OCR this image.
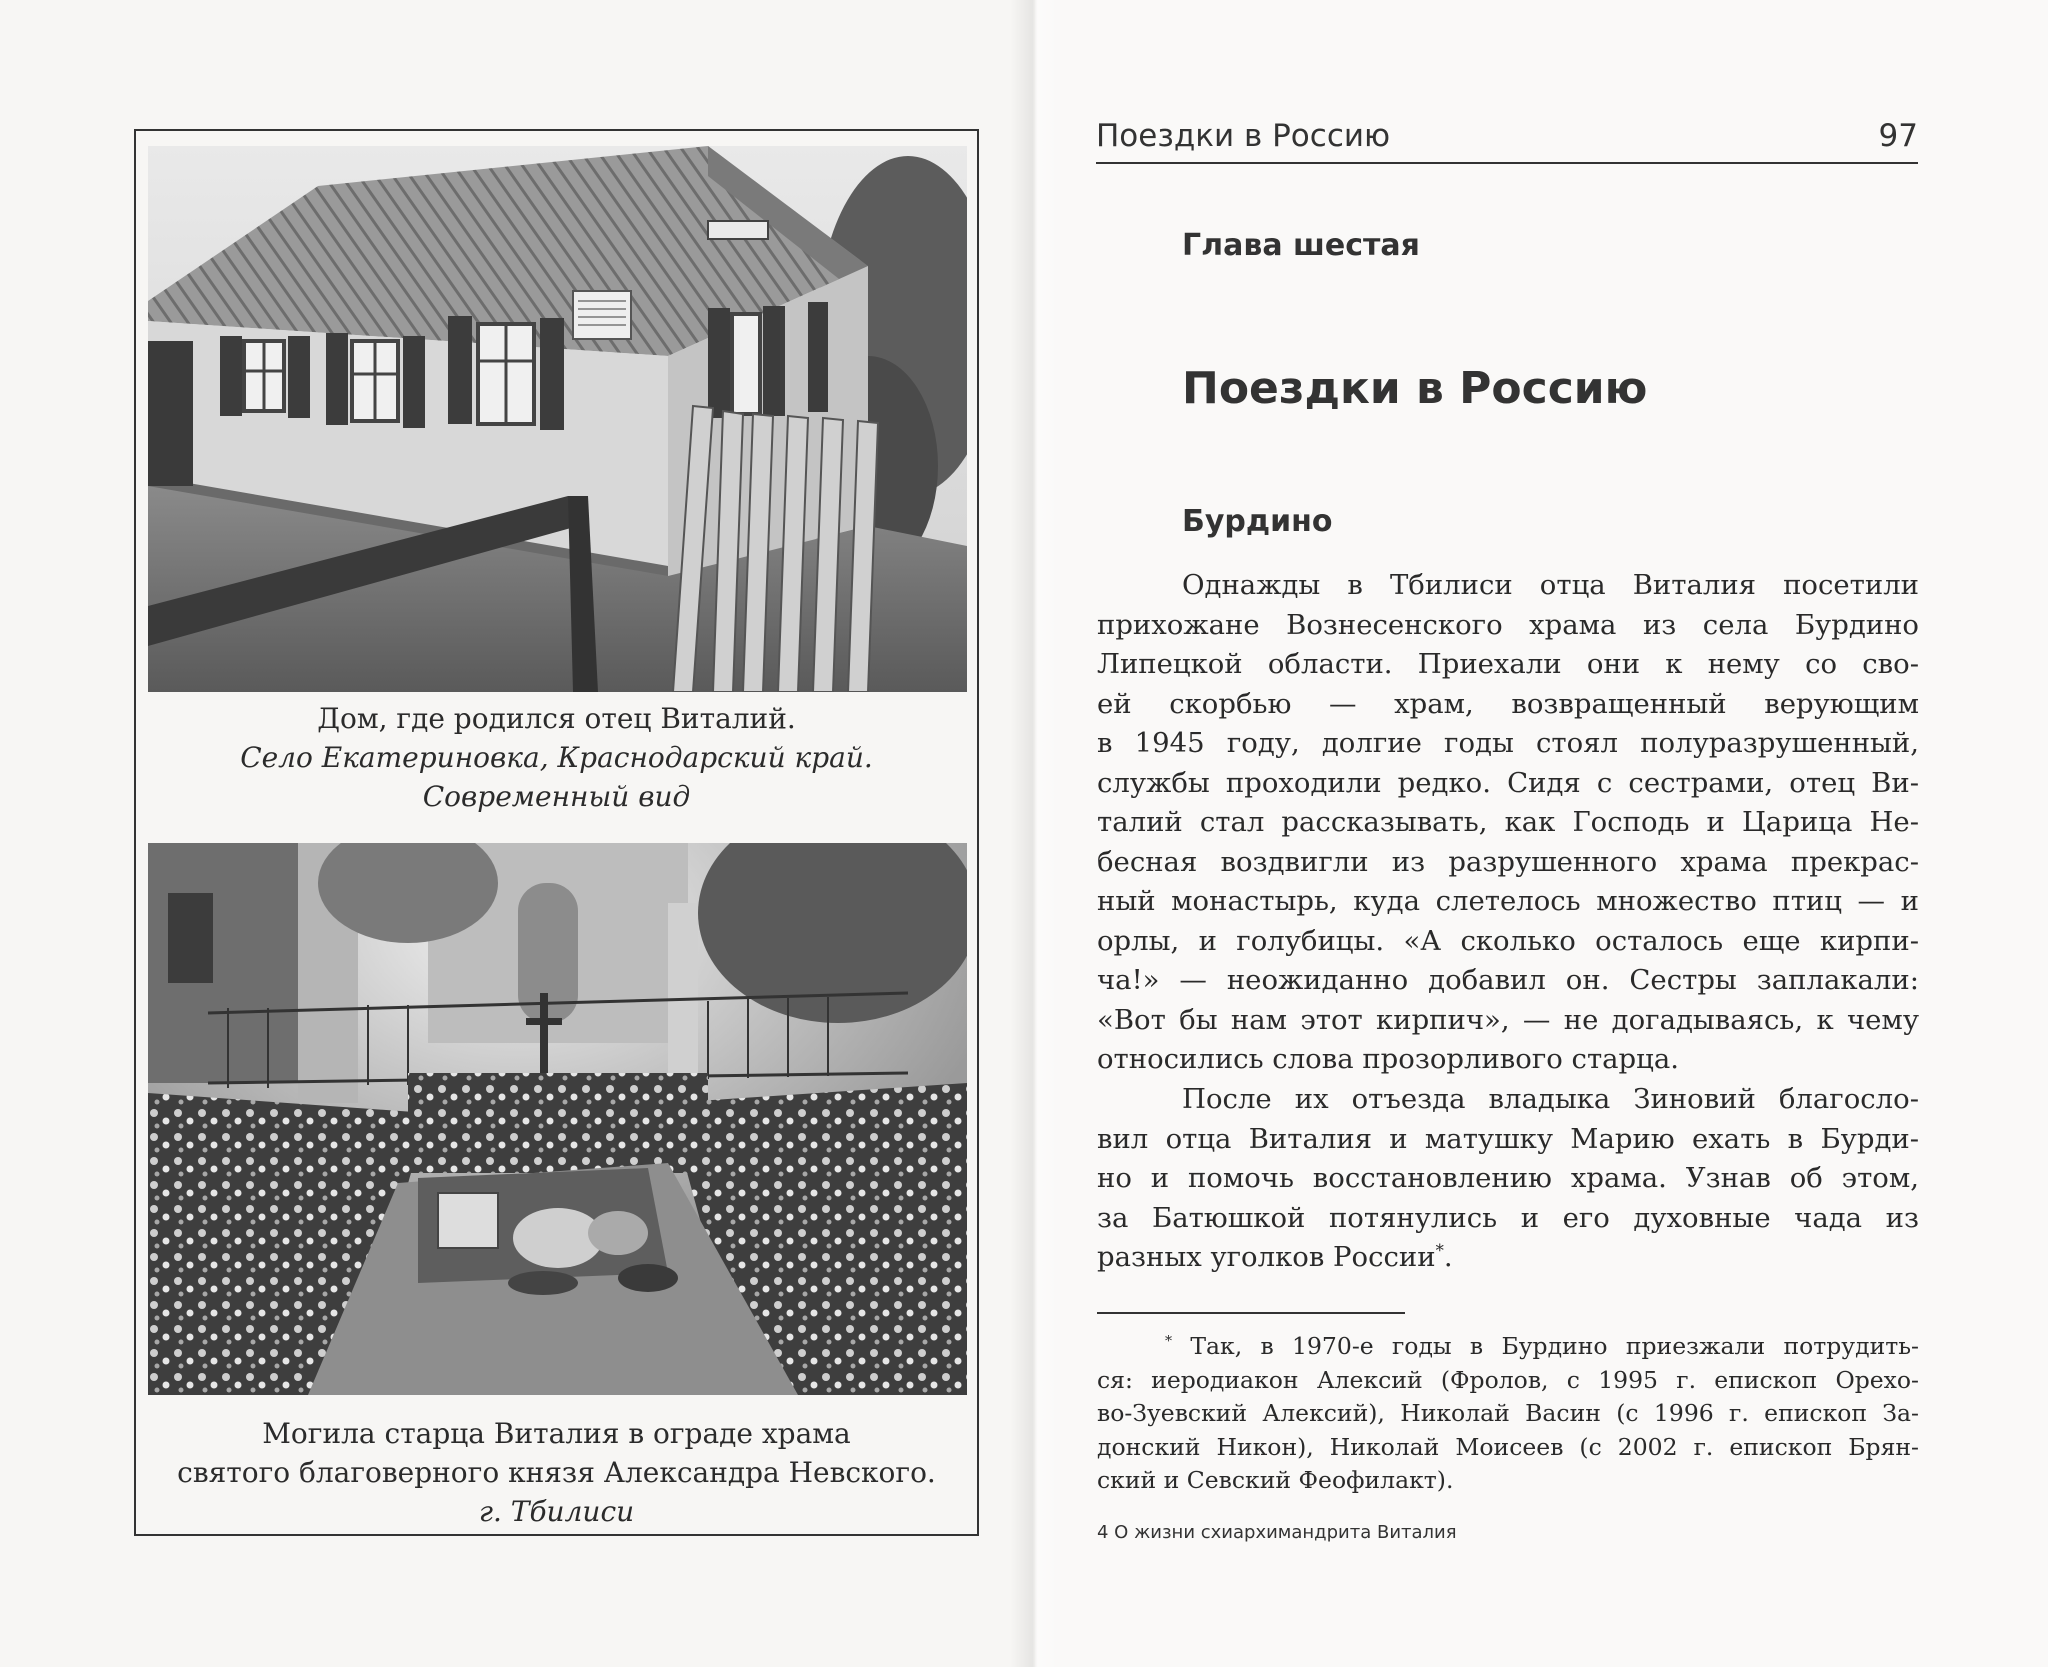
Дом, где родился отец Виталий.
Село Екатериновка, Краснодарский край.
Современный вид
Могила старца Виталия в ограде храма
святого благоверного князя Александра Невского.
г. Тбилиси
Поездки в Россию	97
Глава шестая
Поездки в Россию
Бурдино
Однажды в Тбилиси отца Виталия посетили
прихожане Вознесенского храма из села Бурдино
Липецкой области. Приехали они к нему со сво-
ей скорбью — храм, возвращенный верующим
в 1945 году, долгие годы стоял полуразрушенный,
службы проходили редко. Сидя с сестрами, отец Ви-
талий стал рассказывать, как Господь и Царица Не-
бесная воздвигли из разрушенного храма прекрас-
ный монастырь, куда слетелось множество птиц — и
орлы, и голубицы. «А сколько осталось еще кирпи-
ча!» — неожиданно добавил он. Сестры заплакали:
«Вот бы нам этот кирпич», — не догадываясь, к чему
относились слова прозорливого старца.
После их отъезда владыка Зиновий благосло-
вил отца Виталия и матушку Марию ехать в Бурди-
но и помочь восстановлению храма. Узнав об этом,
за Батюшкой потянулись и его духовные чада из
разных уголков России*.
* Так, в 1970-е годы в Бурдино приезжали потрудить-
ся: иеродиакон Алексий (Фролов, с 1995 г. епископ Орехо-
во-Зуевский Алексий), Николай Васин (с 1996 г. епископ За-
донский Никон), Николай Моисеев (с 2002 г. епископ Брян-
ский и Севский Феофилакт).
4 О жизни схиархимандрита Виталия
